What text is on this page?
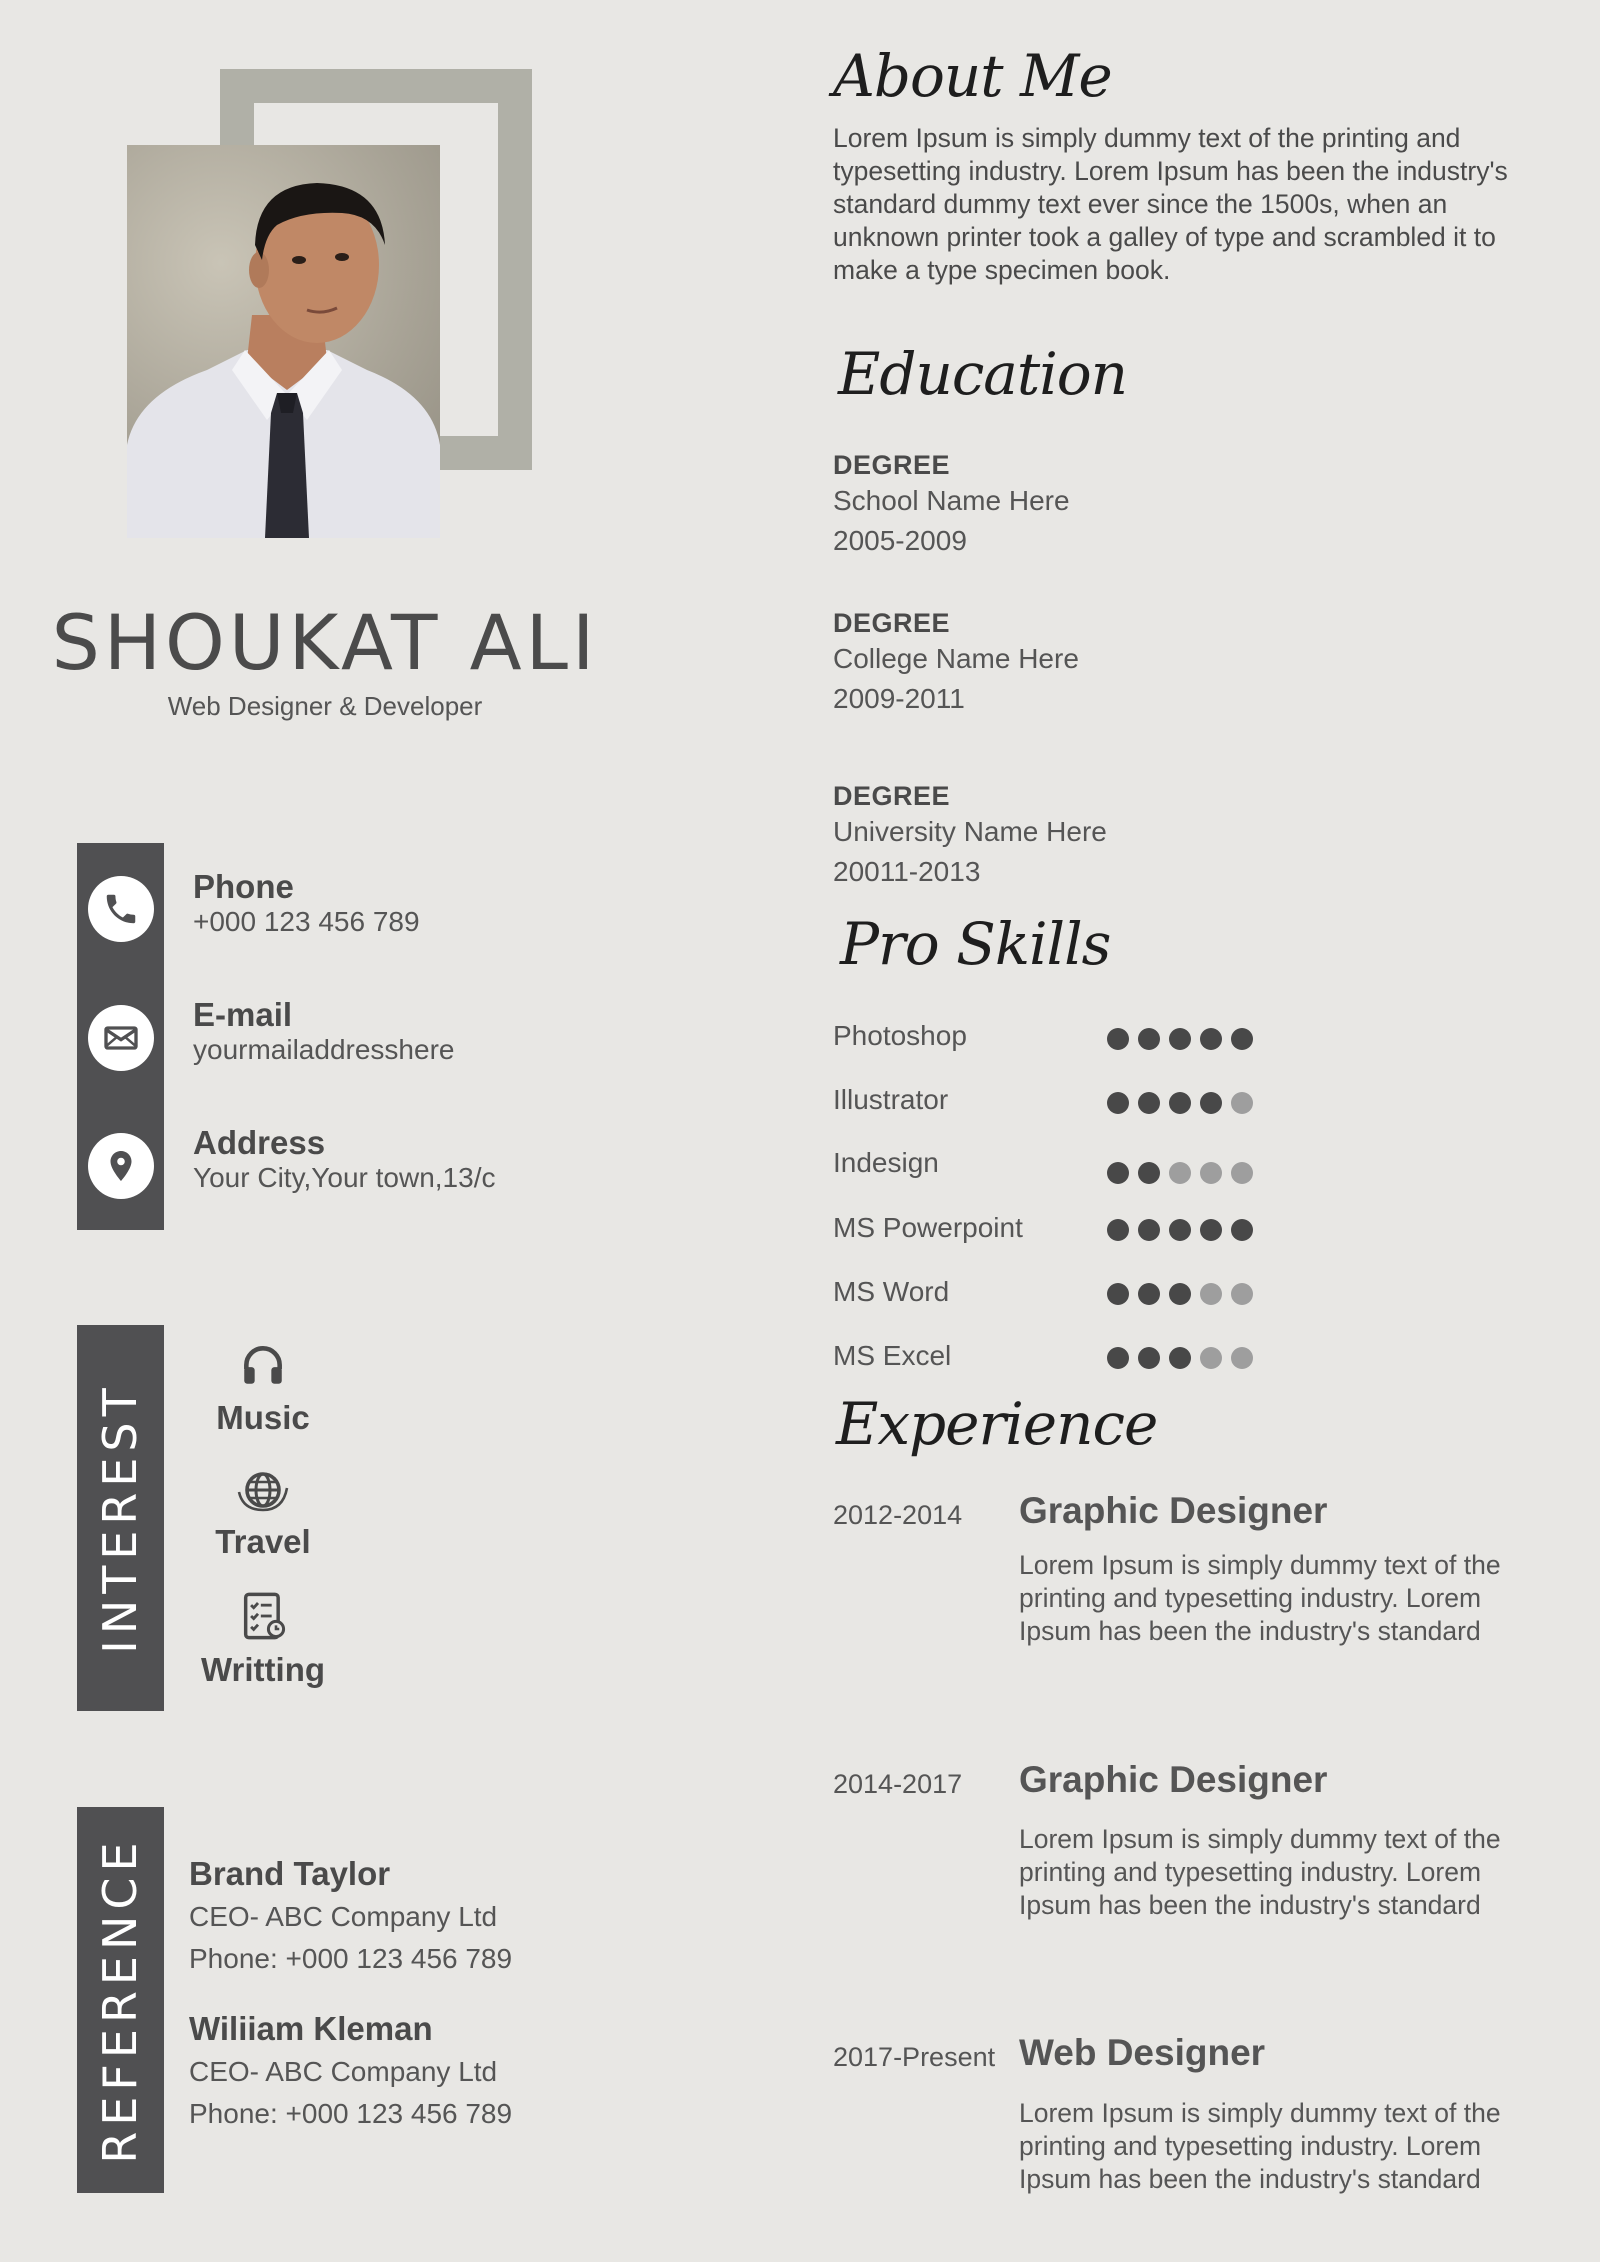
SHOUKAT ALI
Web Designer & Developer
Phone
+000 123 456 789
E-mail
yourmailaddresshere
Address
Your City,Your town,13/c
INTEREST	Music
Travel
Writting
REFERENCE Brand Taylor
CEO- ABC Company Ltd
Phone: +000 123 456 789
Wiliiam Kleman
CEO- ABC Company Ltd
Phone: +000 123 456 789
About Me
Lorem Ipsum is simply dummy text of the printing and
typesetting industry. Lorem Ipsum has been the industry's
standard dummy text ever since the 1500s, when an
unknown printer took a galley of type and scrambled it to
make a type specimen book.
Education
DEGREE
School Name Here
2005-2009
DEGREE
College Name Here
2009-2011
DEGREE
University Name Here
20011-2013
Pro Skills
Photoshop
Illustrator
Indesign
MS Powerpoint
MS Word
MS Excel
Experience
2012-2014 Graphic Designer
Lorem Ipsum is simply dummy text of the
printing and typesetting industry. Lorem
Ipsum has been the industry's standard
2014-2017 Graphic Designer
Lorem Ipsum is simply dummy text of the
printing and typesetting industry. Lorem
Ipsum has been the industry's standard
2017-Present Web Designer
Lorem Ipsum is simply dummy text of the
printing and typesetting industry. Lorem
Ipsum has been the industry's standard
